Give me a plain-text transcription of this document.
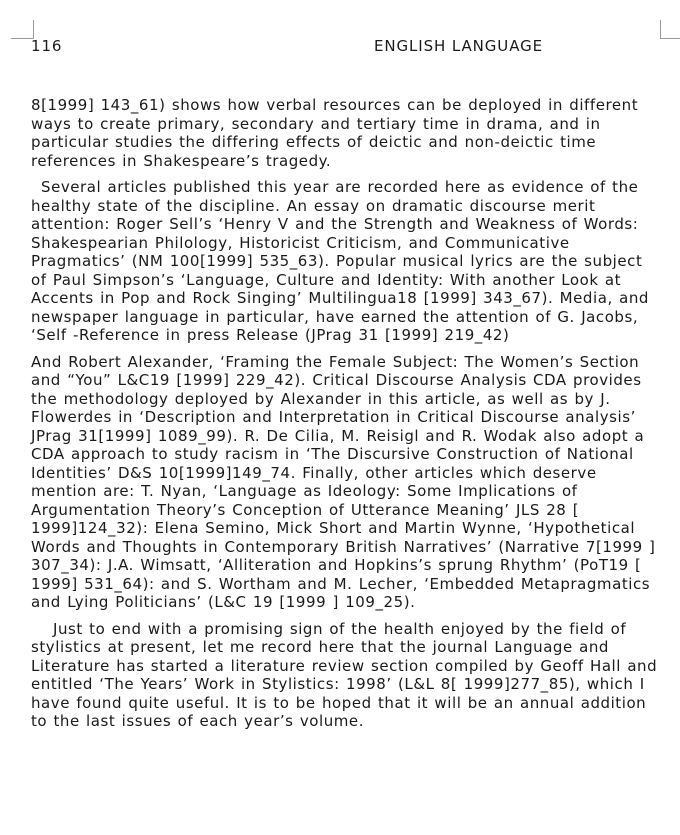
116	ENGLISH LANGUAGE

8[1999] 143_61) shows how verbal resources can be deployed in different ways to create primary, secondary and tertiary time in drama, and in particular studies the differing effects of deictic and non-deictic time references in Shakespeare’s tragedy.

Several articles published this year are recorded here as evidence of the healthy state of the discipline. An essay on dramatic discourse merit attention: Roger Sell’s ‘Henry V and the Strength and Weakness of Words: Shakespearian Philology, Historicist Criticism, and Communicative Pragmatics’ (NM 100[1999] 535_63). Popular musical lyrics are the subject of Paul Simpson’s ‘Language, Culture and Identity: With another Look at Accents in Pop and Rock Singing’ Multilingua18 [1999] 343_67). Media, and newspaper language in particular, have earned the attention of G. Jacobs, ‘Self -Reference in press Release (JPrag 31 [1999] 219_42)

And Robert Alexander, ‘Framing the Female Subject: The Women’s Section and “You” L&C19 [1999] 229_42). Critical Discourse Analysis CDA provides the methodology deployed by Alexander in this article, as well as by J. Flowerdes in ‘Description and Interpretation in Critical Discourse analysis’ JPrag 31[1999] 1089_99). R. De Cilia, M. Reisigl and R. Wodak also adopt a CDA approach to study racism in ‘The Discursive Construction of National Identities’ D&S 10[1999]149_74. Finally, other articles which deserve mention are: T. Nyan, ‘Language as Ideology: Some Implications of Argumentation Theory’s Conception of Utterance Meaning’ JLS 28 [ 1999]124_32): Elena Semino, Mick Short and Martin Wynne, ‘Hypothetical Words and Thoughts in Contemporary British Narratives’ (Narrative 7[1999 ] 307_34): J.A. Wimsatt, ‘Alliteration and Hopkins’s sprung Rhythm’ (PoT19 [ 1999] 531_64): and S. Wortham and M. Lecher, ‘Embedded Metapragmatics and Lying Politicians’ (L&C 19 [1999 ] 109_25).

Just to end with a promising sign of the health enjoyed by the field of stylistics at present, let me record here that the journal Language and Literature has started a literature review section compiled by Geoff Hall and entitled ‘The Years’ Work in Stylistics: 1998’ (L&L 8[ 1999]277_85), which I have found quite useful. It is to be hoped that it will be an annual addition to the last issues of each year’s volume.
